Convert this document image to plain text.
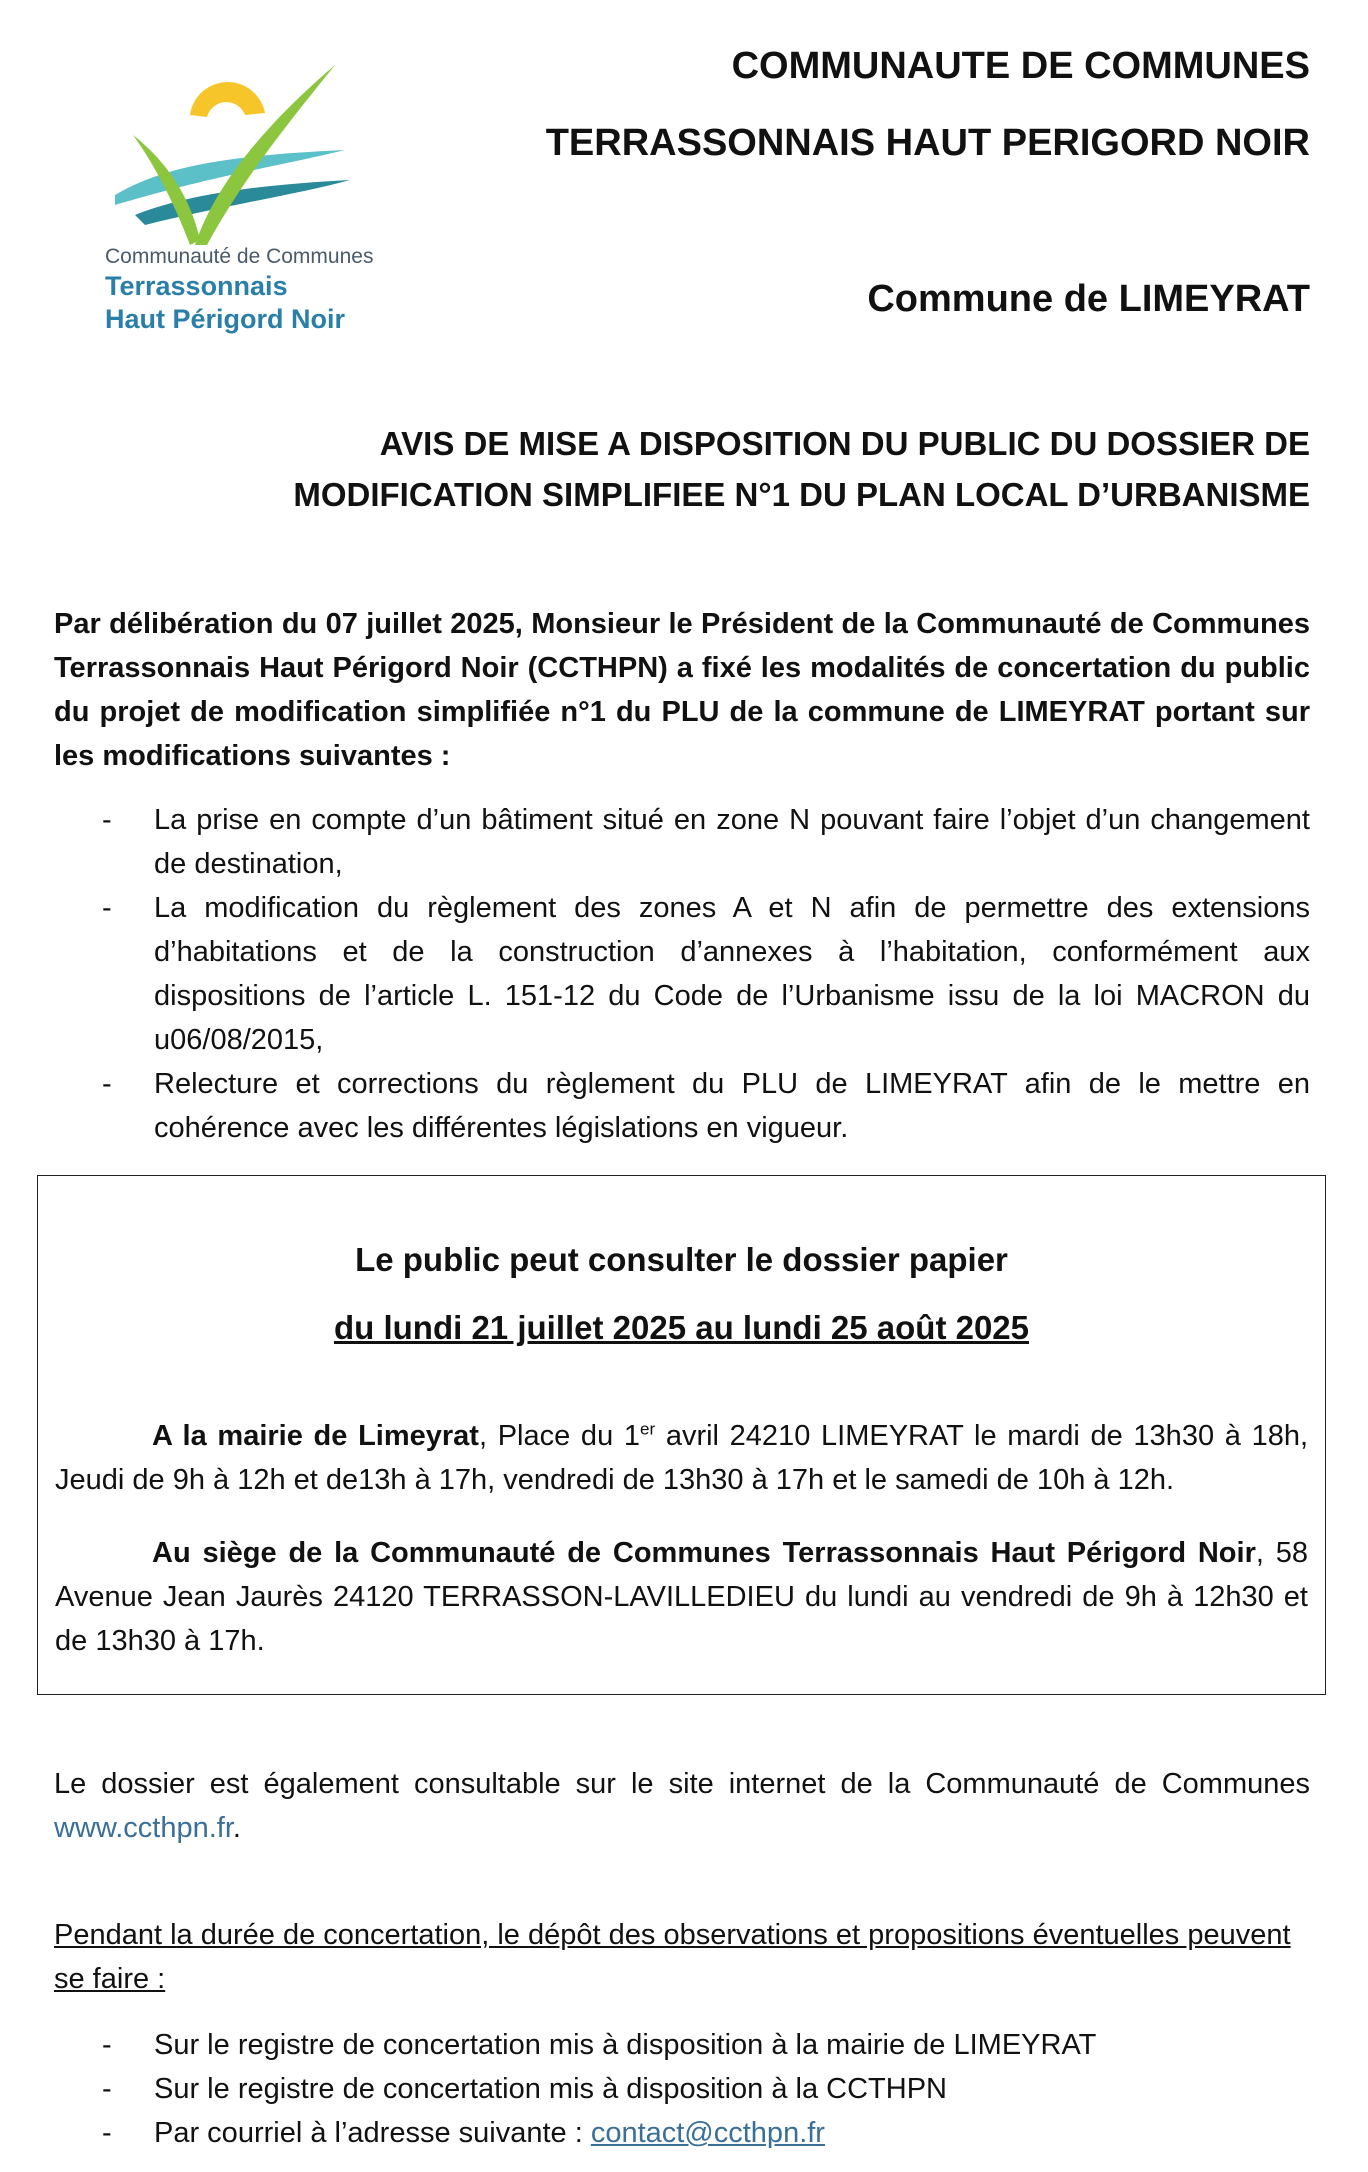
Communauté de Communes
Terrassonnais
Haut Périgord Noir
COMMUNAUTE DE COMMUNES
TERRASSONNAIS HAUT PERIGORD NOIR
Commune de LIMEYRAT
AVIS DE MISE A DISPOSITION DU PUBLIC DU DOSSIER DE MODIFICATION SIMPLIFIEE N°1 DU PLAN LOCAL D’URBANISME
Par délibération du 07 juillet 2025, Monsieur le Président de la Communauté de Communes Terrassonnais Haut Périgord Noir (CCTHPN) a fixé les modalités de concertation du public du projet de modification simplifiée n°1 du PLU de la commune de LIMEYRAT portant sur les modifications suivantes :
- La prise en compte d’un bâtiment situé en zone N pouvant faire l’objet d’un changement de destination,
- La modification du règlement des zones A et N afin de permettre des extensions d’habitations et de la construction d’annexes à l’habitation, conformément aux dispositions de l’article L. 151-12 du Code de l’Urbanisme issu de la loi MACRON du u06/08/2015,
- Relecture et corrections du règlement du PLU de LIMEYRAT afin de le mettre en cohérence avec les différentes législations en vigueur.
Le public peut consulter le dossier papier
du lundi 21 juillet 2025 au lundi 25 août 2025
A la mairie de Limeyrat, Place du 1er avril 24210 LIMEYRAT le mardi de 13h30 à 18h, Jeudi de 9h à 12h et de13h à 17h, vendredi de 13h30 à 17h et le samedi de 10h à 12h.
Au siège de la Communauté de Communes Terrassonnais Haut Périgord Noir, 58 Avenue Jean Jaurès 24120 TERRASSON-LAVILLEDIEU du lundi au vendredi de 9h à 12h30 et de 13h30 à 17h.
Le dossier est également consultable sur le site internet de la Communauté de Communes www.ccthpn.fr.
Pendant la durée de concertation, le dépôt des observations et propositions éventuelles peuvent se faire :
- Sur le registre de concertation mis à disposition à la mairie de LIMEYRAT
- Sur le registre de concertation mis à disposition à la CCTHPN
- Par courriel à l’adresse suivante : contact@ccthpn.fr
